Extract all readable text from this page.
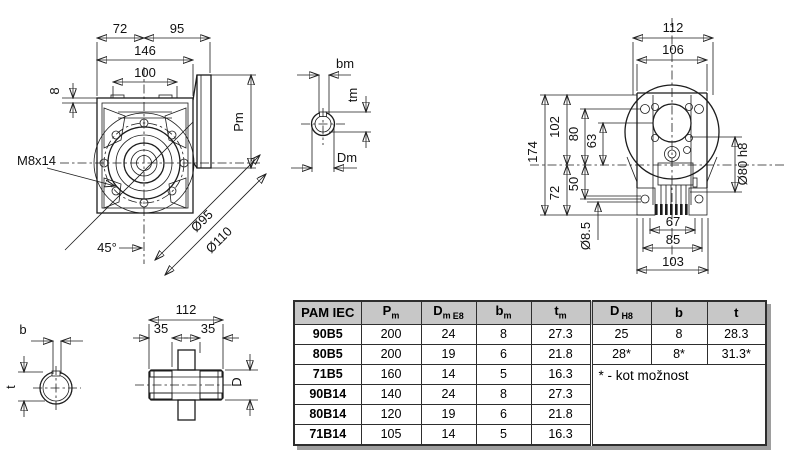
72	95
146
100
8
Pm
M8x14
45°
Ø95
Ø110
bm
tm
Dm
112
106
174
102 80 63
72
50
Ø8.5
Ø80 h8
67
85
103
b
t
112
35	35
D
PAM IEC	$P_m$	$D_m$ $_{E8}$	$b_m$	$t_m$	D $_{H8}$	b	t
90B5	200	24	8	27.3	25	8	28.3
80B5	200	19	6	21.8	28*	8*	31.3*
71B5	160	14	5	16.3	* - kot možnost		
90B14	140	24	8	27.3			
80B14	120	19	6	21.8			
71B14	105	14	5	16.3			
